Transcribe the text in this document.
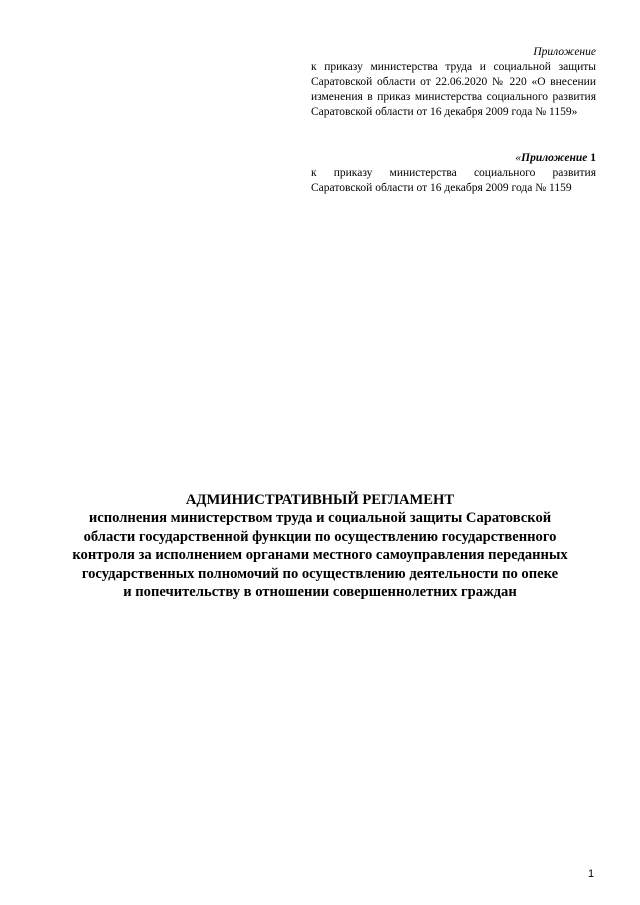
Приложение
к приказу министерства труда и социальной защиты Саратовской области от 22.06.2020 № 220 «О внесении изменения в приказ министерства социального развития Саратовской области от 16 декабря 2009 года № 1159»
«Приложение 1
к приказу министерства социального развития Саратовской области от 16 декабря 2009 года № 1159
АДМИНИСТРАТИВНЫЙ РЕГЛАМЕНТ
исполнения министерством труда и социальной защиты Саратовской
области государственной функции по осуществлению государственного
контроля за исполнением органами местного самоуправления переданных
государственных полномочий по осуществлению деятельности по опеке
и попечительству в отношении совершеннолетних граждан
1
